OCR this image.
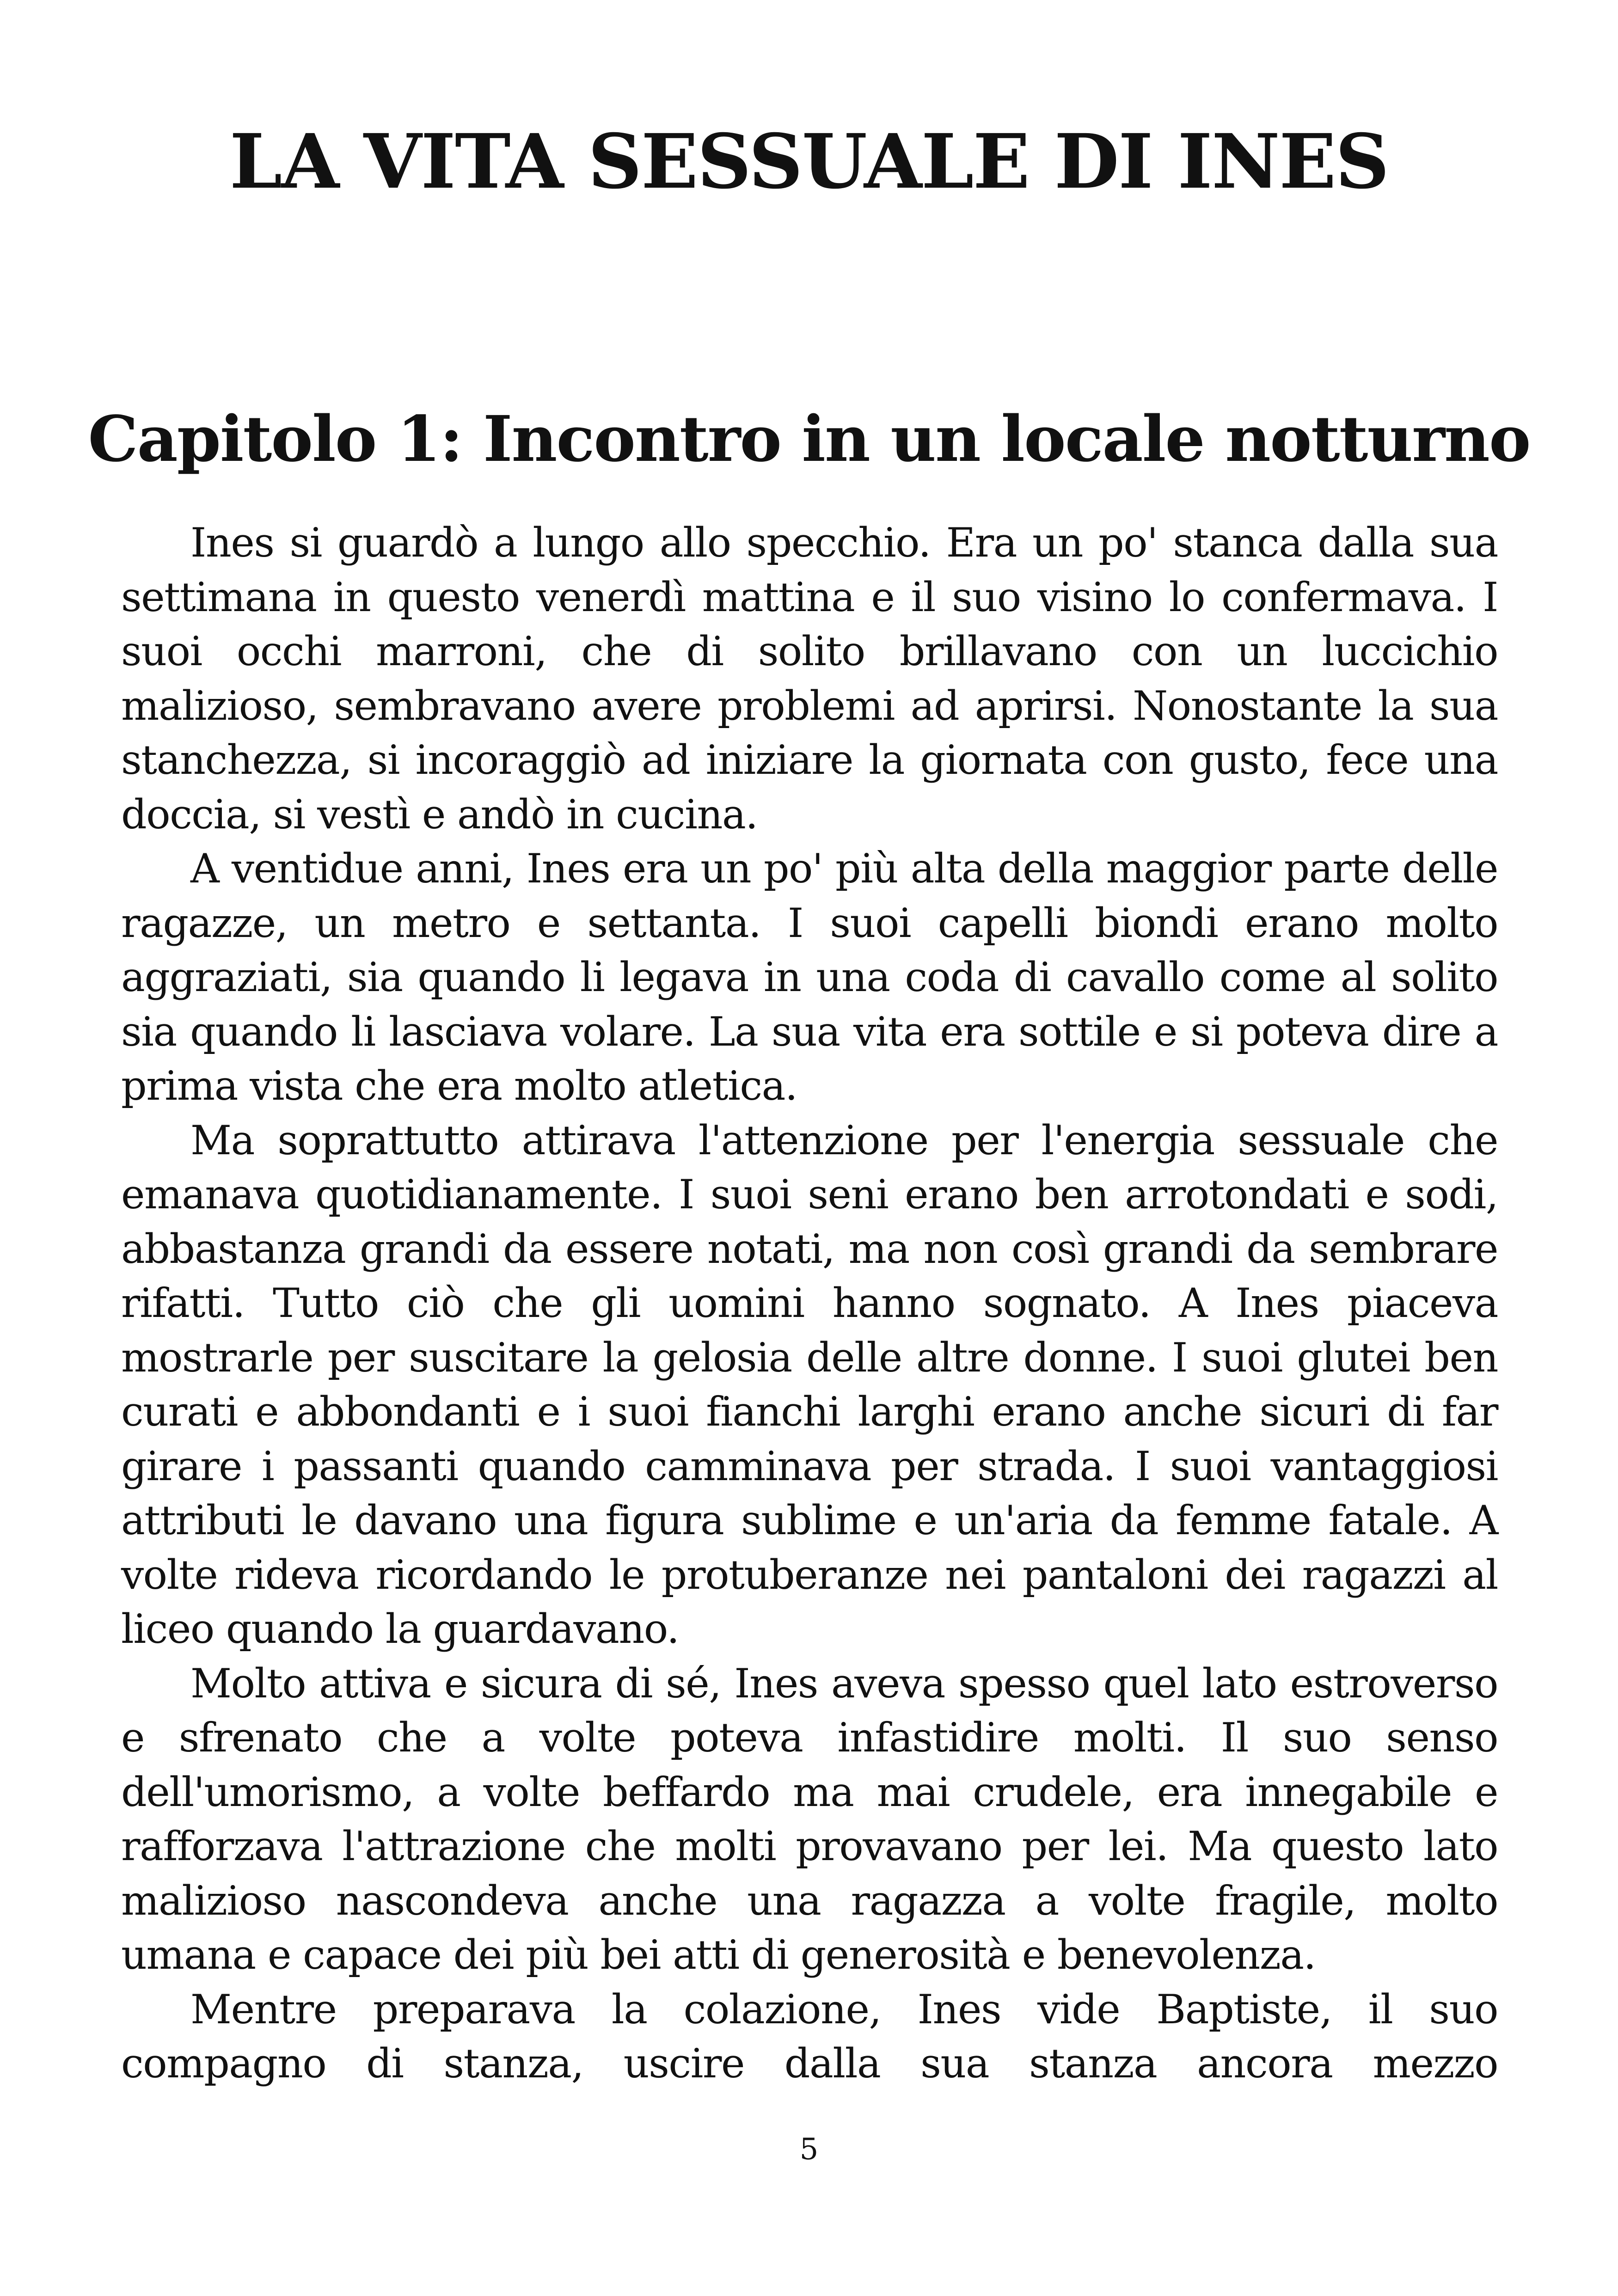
LA VITA SESSUALE DI INES
Capitolo 1: Incontro in un locale notturno

Ines si guardò a lungo allo specchio. Era un po' stanca dalla sua settimana in questo venerdì mattina e il suo visino lo confermava. I suoi occhi marroni, che di solito brillavano con un luccichio malizioso, sembravano avere problemi ad aprirsi. Nonostante la sua stanchezza, si incoraggiò ad iniziare la giornata con gusto, fece una doccia, si vestì e andò in cucina.

A ventidue anni, Ines era un po' più alta della maggior parte delle ragazze, un metro e settanta. I suoi capelli biondi erano molto aggraziati, sia quando li legava in una coda di cavallo come al solito sia quando li lasciava volare. La sua vita era sottile e si poteva dire a prima vista che era molto atletica.

Ma soprattutto attirava l'attenzione per l'energia sessuale che emanava quotidianamente. I suoi seni erano ben arrotondati e sodi, abbastanza grandi da essere notati, ma non così grandi da sembrare rifatti. Tutto ciò che gli uomini hanno sognato. A Ines piaceva mostrarle per suscitare la gelosia delle altre donne. I suoi glutei ben curati e abbondanti e i suoi fianchi larghi erano anche sicuri di far girare i passanti quando camminava per strada. I suoi vantaggiosi attributi le davano una figura sublime e un'aria da femme fatale. A volte rideva ricordando le protuberanze nei pantaloni dei ragazzi al liceo quando la guardavano.

Molto attiva e sicura di sé, Ines aveva spesso quel lato estroverso e sfrenato che a volte poteva infastidire molti. Il suo senso dell'umorismo, a volte beffardo ma mai crudele, era innegabile e rafforzava l'attrazione che molti provavano per lei. Ma questo lato malizioso nascondeva anche una ragazza a volte fragile, molto umana e capace dei più bei atti di generosità e benevolenza.

Mentre preparava la colazione, Ines vide Baptiste, il suo compagno di stanza, uscire dalla sua stanza ancora mezzo

5
